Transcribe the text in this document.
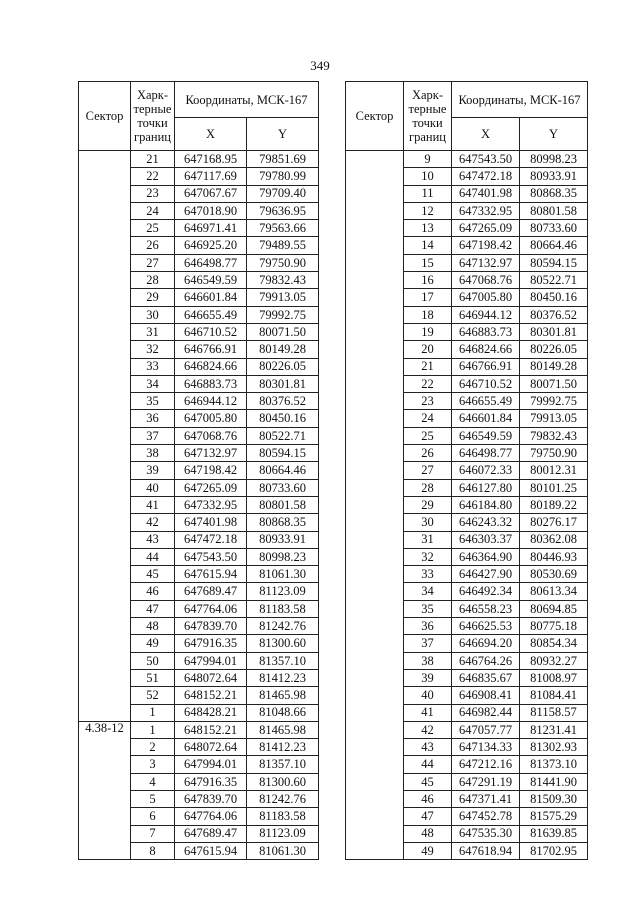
349
Сектор	Харк-терные точки границ	Координаты, МСК-167	
		X	Y
	21	647168.95	79851.69
	22	647117.69	79780.99
	23	647067.67	79709.40
	24	647018.90	79636.95
	25	646971.41	79563.66
	26	646925.20	79489.55
	27	646498.77	79750.90
	28	646549.59	79832.43
	29	646601.84	79913.05
	30	646655.49	79992.75
	31	646710.52	80071.50
	32	646766.91	80149.28
	33	646824.66	80226.05
	34	646883.73	80301.81
	35	646944.12	80376.52
	36	647005.80	80450.16
	37	647068.76	80522.71
	38	647132.97	80594.15
	39	647198.42	80664.46
	40	647265.09	80733.60
	41	647332.95	80801.58
	42	647401.98	80868.35
	43	647472.18	80933.91
	44	647543.50	80998.23
	45	647615.94	81061.30
	46	647689.47	81123.09
	47	647764.06	81183.58
	48	647839.70	81242.76
	49	647916.35	81300.60
	50	647994.01	81357.10
	51	648072.64	81412.23
	52	648152.21	81465.98
	1	648428.21	81048.66
4.38-12	1	648152.21	81465.98
	2	648072.64	81412.23
	3	647994.01	81357.10
	4	647916.35	81300.60
	5	647839.70	81242.76
	6	647764.06	81183.58
	7	647689.47	81123.09
	8	647615.94	81061.30
Сектор	Харк-терные точки границ	Координаты, МСК-167	
		X	Y
	9	647543.50	80998.23
	10	647472.18	80933.91
	11	647401.98	80868.35
	12	647332.95	80801.58
	13	647265.09	80733.60
	14	647198.42	80664.46
	15	647132.97	80594.15
	16	647068.76	80522.71
	17	647005.80	80450.16
	18	646944.12	80376.52
	19	646883.73	80301.81
	20	646824.66	80226.05
	21	646766.91	80149.28
	22	646710.52	80071.50
	23	646655.49	79992.75
	24	646601.84	79913.05
	25	646549.59	79832.43
	26	646498.77	79750.90
	27	646072.33	80012.31
	28	646127.80	80101.25
	29	646184.80	80189.22
	30	646243.32	80276.17
	31	646303.37	80362.08
	32	646364.90	80446.93
	33	646427.90	80530.69
	34	646492.34	80613.34
	35	646558.23	80694.85
	36	646625.53	80775.18
	37	646694.20	80854.34
	38	646764.26	80932.27
	39	646835.67	81008.97
	40	646908.41	81084.41
	41	646982.44	81158.57
	42	647057.77	81231.41
	43	647134.33	81302.93
	44	647212.16	81373.10
	45	647291.19	81441.90
	46	647371.41	81509.30
	47	647452.78	81575.29
	48	647535.30	81639.85
	49	647618.94	81702.95
